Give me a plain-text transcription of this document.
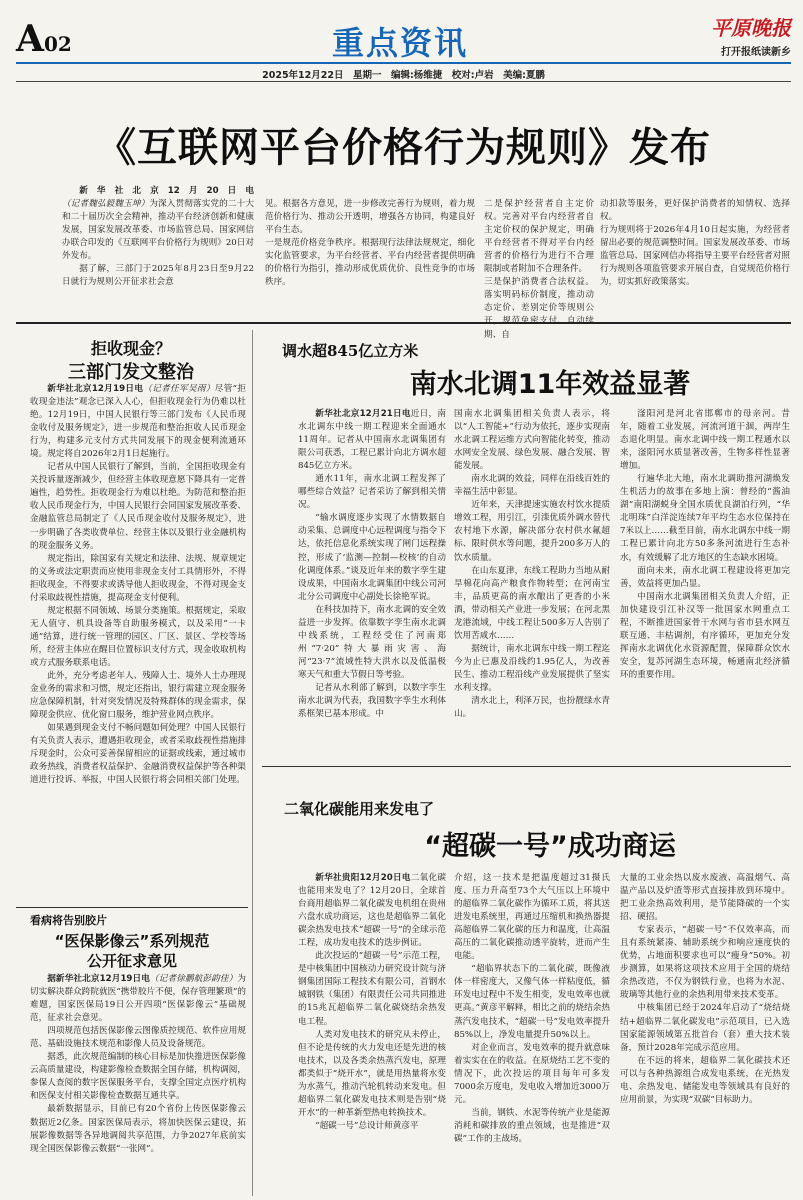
A02	重点资讯	平原晚报
打开报纸读新乡
2025年12月22日　星期一　编辑:杨维捷　校对:卢岩　美编:夏鹏
《互联网平台价格行为规则》发布

新华社北京12月20日电（记者魏弘毅魏玉坤）为深入贯彻落实党的二十大和二十届历次全会精神，推动平台经济创新和健康发展，国家发展改革委、市场监管总局、国家网信办联合印发的《互联网平台价格行为规则》20日对外发布。

据了解，三部门于2025年8月23日至9月22日就行为规则公开征求社会意

见。根据各方意见，进一步修改完善行为规则，着力规范价格行为、推动公开透明，增强各方协同，构建良好平台生态。
一是规范价格竞争秩序。根据现行法律法规规定，细化实化监管要求，为平台经营者、平台内经营者提供明确的价格行为指引，推动形成优质优价、良性竞争的市场秩序。

二是保护经营者自主定价权。完善对平台内经营者自主定价权的保护规定，明确平台经营者不得对平台内经营者的价格行为进行不合理限制或者附加不合理条件。
三是保护消费者合法权益。落实明码标价制度，推动动态定价、差别定价等规则公 期、自

动扣款等服务，更好保护消费者的知情权、选择权。
行为规则将于2026年4月10日起实施，为经营者留出必要的规范调整时间。国家发展改革委、市场监管总局、国家网信办将指导主要平台经营者对照行为规则各项监管要求开展自查，自觉规范价格行为，切实抓好政策落实。

拒收现金？
三部门发文整治

新华社北京12月19日电（记者任军吴雨）尽管“拒收现金违法”观念已深入人心，但拒收现金行为仍难以杜绝。12月19日，中国人民银行等三部门发布《人民币现金收付及服务规定》，进一步规范和整治拒收人民币现金行为，构建多元支付方式共同发展下的现金便利流通环境。规定将自2026年2月1日起施行。

记者从中国人民银行了解到，当前，全国拒收现金有关投诉量逐渐减少，但经营主体收现意愿下降具有一定普遍性，趋势性。拒收现金行为难以杜绝。为防范和整治拒收人民币现金行为，中国人民银行会同国家发展改革委、金融监管总局制定了《人民币现金收付及服务规定》，进一步明确了各类收费单位、经营主体以及银行业金融机构的现金服务义务。

规定指出，除国家有关规定和法律、法规、规章规定的义务或法定职责而应使用非现金支付工具情形外，不得拒收现金，不得要求或诱导他人拒收现金，不得对现金支付采取歧视性措施，提高现金支付便利。

规定根据不同领域、场景分类施策。根据规定，采取无人值守、机具设备等自助服务模式，以及采用“一卡通”结算，进行统一管理的园区、厂区、景区、学校等场所，经营主体应在醒目位置标识支付方式，现金收取机构或方式服务联系电话。

此外，充分考虑老年人、残障人士、境外人士办理现金业务的需求和习惯，规定还指出，银行需建立现金服务应急保障机制，针对突发情况及特殊群体的现金需求，保障现金供应、优化窗口服务，维护营业网点秩序。

如果遇到现金支付不畅问题如何处理？中国人民银行有关负责人表示，遭遇拒收现金，或者采取歧视性措施排斥现金时，公众可妥善保留相应的证据或线索，通过城市政务热线，消费者权益保护、金融消费权益保护等各种渠道进行投诉、举报，中国人民银行将会同相关部门处理。

看病将告别胶片
“医保影像云”系列规范
公开征求意见

据新华社北京12月19日电（记者徐鹏航彭韵佳）为切实解决群众跨院就医“携带胶片不便，保存管理繁琐”的难题，国家医保局19日公开四项“医保影像云”基础规范，征求社会意见。

四项规范包括医保影像云图像质控规范、软件应用规范、基础设施技术规范和影像人员及设备规范。

据悉，此次规范编制的核心目标是加快推进医保影像云高质量建设，构建影像检查数据全国存储，机构调阅，参保人查阅的数字医保服务平台，支撑全国定点医疗机构和医保支付相关影像检查数据互通共享。

最新数据显示，目前已有20个省份上传医保影像云数据近2亿条。国家医保局表示，将加快医保云建设，拓展影像数据等各异地调阅共享范围，力争2027年底前实现全国医保影像云数据“一张网”。

调水超845亿立方米
南水北调11年效益显著

新华社北京12月21日电近日，南水北调东中线一期工程迎来全面通水11周年。记者从中国南水北调集团有限公司获悉，工程已累计向北方调水超845亿立方米。

通水11年，南水北调工程发挥了哪些综合效益？记者采访了解到相关情况。

“输水调度逐步实现了水情数据自动采集、总调度中心远程调度与指令下达，依托信息化系统实现了闸门远程操控，形成了‘监测—控制—校核’的自动化调度体系。”谈及近年来的数字孪生建设成果，中国南水北调集团中线公司河北分公司调度中心副处长徐艳军说。

在科技加持下，南水北调的安全效益进一步发挥。依靠数字孪生南水北调中线系统，工程经受住了河南郑州“7·20”特大暴雨灾害、海河“23·7”流域性特大洪水以及低温极寒天气和重大节假日等考验。

记者从水利部了解到，以数字孪生南水北调为代表，我国数字孪生水利体系框架已基本形成。中

国南水北调集团相关负责人表示，将以“人工智能+”行动为依托，逐步实现南水北调工程运维方式向智能化转变，推动水网安全发展、绿色发展、融合发展、智能发展。

南水北调的效益，同样在沿线百姓的幸福生活中彰显。

近年来，天津提速实施农村饮水提质增效工程，用引江，引滦优质外调水替代农村地下水源，解决部分农村供水氟超标、限时供水等问题，提升200多万人的饮水质量。

在山东夏津，东线工程助力当地从耐旱棉花向高产粮食作物转型；在河南宝丰，品质更高的南水酿出了更香的小米酒，带动相关产业进一步发展；在河北黑龙港流域，中线工程让500多万人告别了饮用苦咸水……

据统计，南水北调东中线一期工程迄今为止已惠及沿线约1.95亿人，为改善民生、推动工程沿线产业发展提供了坚实水利支撑。

清水北上，利泽万民，也扮靓绿水青山。

滏阳河是河北省邯郸市的母亲河。昔年，随着工业发展，河流河道干涸，两岸生态退化明显。南水北调中线一期工程通水以来，滏阳河水质显著改善，生物多样性显著增加。

行遍华北大地，南水北调助推河湖焕发生机活力的故事在多地上演：曾经的“酱油湖”南阳湖蜕身全国水质优良湖泊行列，“华北明珠”白洋淀连续7年平均生态水位保持在7米以上……截至目前，南水北调东中线一期工程已累计向北方50多条河流进行生态补水，有效缓解了北方地区的生态缺水困境。

面向未来，南水北调工程建设将更加完善，效益将更加凸显。

中国南水北调集团相关负责人介绍，正加快建设引江补汉等一批国家水网重点工程，不断推进国家骨干水网与省市县水网互联互通、丰枯调剂，有序循环，更加充分发挥南水北调优化水资源配置，保障群众饮水安全，复苏河湖生态环境，畅通南北经济循环的重要作用。

二氧化碳能用来发电了
“超碳一号”成功商运

新华社贵阳12月20日电二氧化碳也能用来发电了？12月20日，全球首台商用超临界二氧化碳发电机组在贵州六盘水成功商运，这也是超临界二氧化碳余热发电技术“超碳一号”的全球示范工程，成功发电技术的迭步例证。

此次投运的“超碳一号”示范工程，是中核集团中国核动力研究设计院与济钢集团国际工程技术有限公司，首钢水城钢铁（集团）有限责任公司共同推进的15兆瓦超临界二氧化碳烧结余热发电工程。

人类对发电技术的研究从未停止，但不论是传统的火力发电还是先进的核电技术，以及各类余热蒸汽发电，原理都类似于“烧开水”，就是用热量将水变为水蒸气，推动汽轮机转动来发电。但超临界二氧化碳发电技术则是告别“烧开水”的一种革新型热电转换技术。

“超碳一号”总设计师黄彦平

介绍，这一技术是把温度超过31摄氏度、压力升高至73个大气压以上环境中的超临界二氧化碳作为循环工质，将其送进发电系统里，再通过压缩机和换热器提高超临界二氧化碳的压力和温度，让高温高压的二氧化碳推动透平旋转，进而产生电能。

“超临界状态下的二氧化碳，既像液体一样密度大，又像气体一样粘度低，循环发电过程中不发生相变，发电效率也就更高。”黄彦平解释，相比之前的烧结余热蒸汽发电技术，“超碳一号”发电效率提升85%以上，净发电量提升50%以上。

对企业而言，发电效率的提升就意味着实实在在的收益。在原烧结工艺不变的情况下，此次投运的项目每年可多发7000余万度电，发电收入增加近3000万元。

当前，钢铁、水泥等传统产业是能源消耗和碳排放的重点领域，也是推进“双碳”工作的主战场。

大量的工业余热以废水废液、高温烟气、高温产品以及炉渣等形式直接排放到环境中。把工业余热高效利用，是节能降碳的一个实招、硬招。

专家表示，“超碳一号”不仅效率高，而且有系统紧凑、辅助系统少和响应速度快的优势，占地面积要求也可以“瘦身”50%。初步测算，如果将这项技术应用于全国的烧结余热改造，不仅为钢铁行业，也将为水泥、玻璃等其他行业的余热利用带来技术变革。

中核集团已经于2024年启动了“烧结烧结+超临界二氧化碳发电”示范项目，已入选国家能源领域第五批首台（套）重大技术装备，预计2028年完成示范应用。

在不远的将来，超临界二氧化碳技术还可以与各种热源组合成发电系统，在光热发电、余热发电、储能发电等领域具有良好的应用前景，为实现“双碳”目标助力。
